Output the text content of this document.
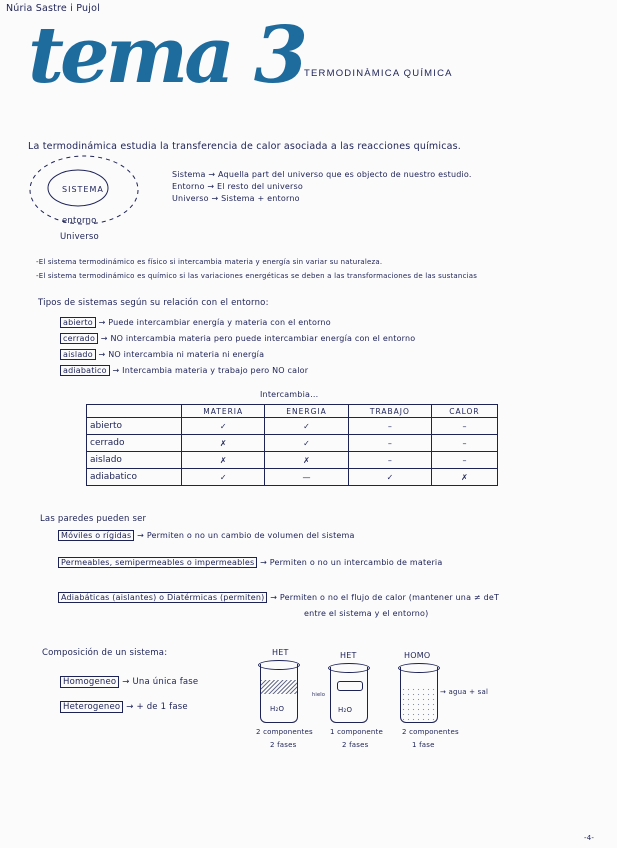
Núria Sastre i Pujol
tema 3 TERMODINÀMICA QUÍMICA
La termodinámica estudia la transferencia de calor asociada a las reacciones químicas.
SISTEMA
entorno
Universo
Sistema → Aquella part del universo que es objecto de nuestro estudio.
Entorno → El resto del universo
Universo → Sistema + entorno
-El sistema termodinámico es físico si intercambia materia y energía sin variar su naturaleza.
-El sistema termodinámico es químico si las variaciones energéticas se deben a las transformaciones de las sustancias
Tipos de sistemas según su relación con el entorno:
abierto → Puede intercambiar energía y materia con el entorno
cerrado → NO intercambia materia pero puede intercambiar energía con el entorno
aislado → NO intercambia ni materia ni energía
adiabatico → Intercambia materia y trabajo pero NO calor
Intercambia...
	MATERIA	ENERGIA	TRABAJO	CALOR
abierto	✓	✓	–	–
cerrado	✗	✓	–	–
aislado	✗	✗	–	–
adiabatico	✓	—	✓	✗
Las paredes pueden ser
Móviles o rígidas → Permiten o no un cambio de volumen del sistema
Permeables, semipermeables o impermeables → Permiten o no un intercambio de materia
Adiabáticas (aislantes) o Diatérmicas (permiten) → Permiten o no el flujo de calor (mantener una ≠ deT
entre el sistema y el entorno)
Composición de un sistema:
Homogeneo → Una única fase
Heterogeneo → + de 1 fase
HET
H₂O
2 componentes
2 fases
HET
hielo
H₂O
1 componente
2 fases
HOMO
→ agua + sal
2 componentes
1 fase
-4-
